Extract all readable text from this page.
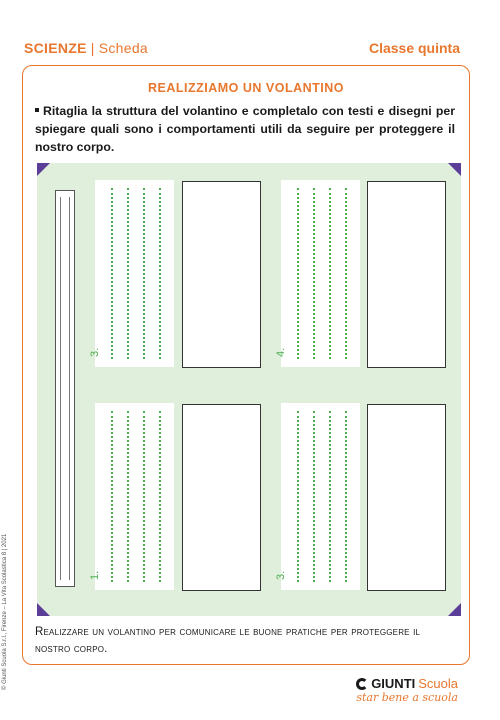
SCIENZE | Scheda	Classe quinta
REALIZZIAMO UN VOLANTINO
Ritaglia la struttura del volantino e completalo con testi e disegni per spiegare quali sono i comportamenti utili da seguire per proteggere il nostro corpo.
3.	4.
1.	3.
Realizzare un volantino per comunicare le buone pratiche per proteggere il nostro corpo.
© Giunti Scuola S.r.l., Firenze – La Vita Scolastica 8 | 2021	GIUNTI Scuola
star bene a scuola
